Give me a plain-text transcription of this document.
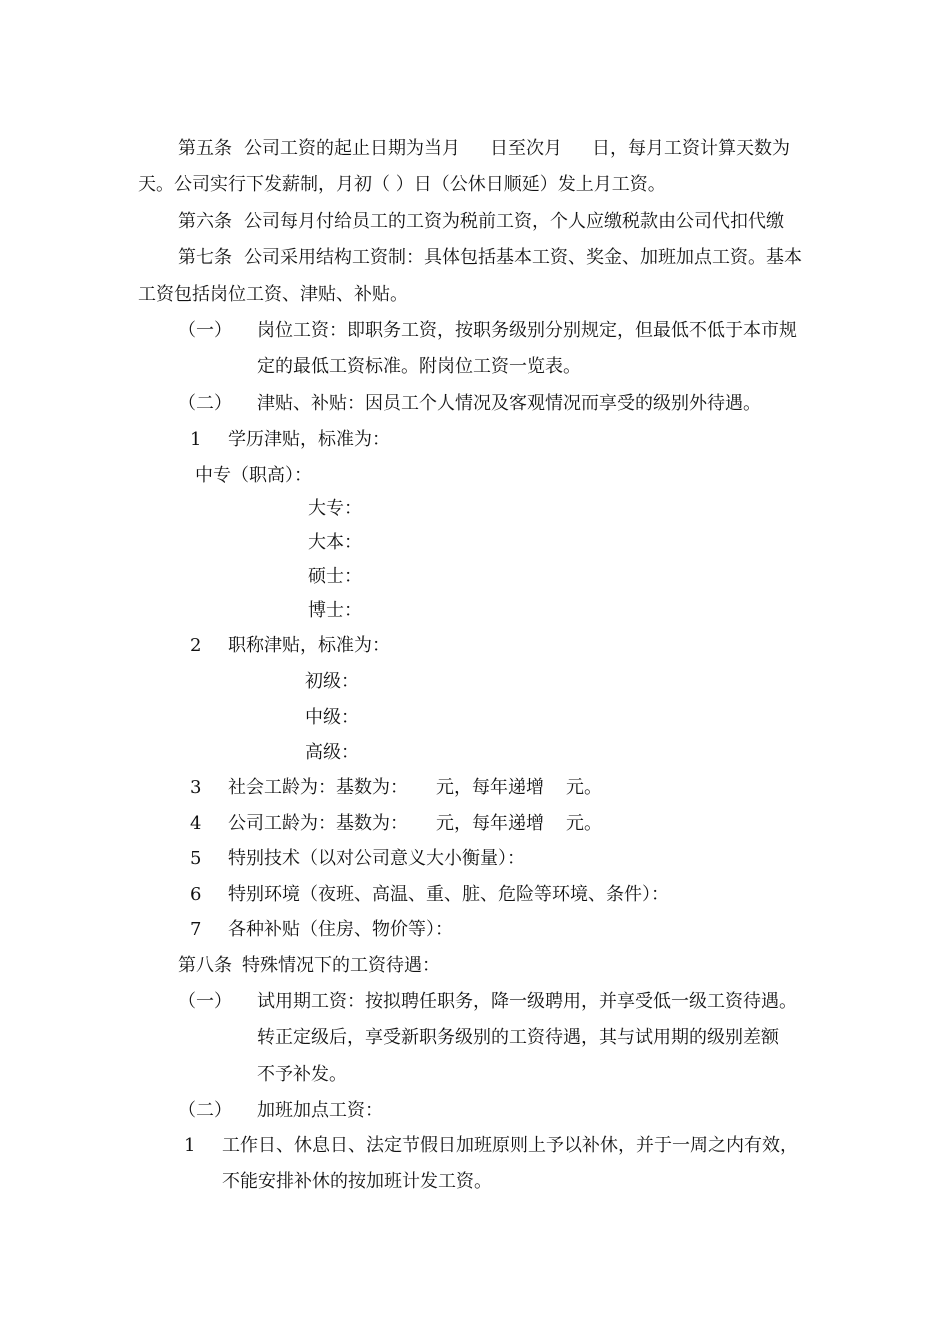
第五条 公司工资的起止日期为当月 日至次月 日，每月工资计算天数为
天。公司实行下发薪制，月初（ ）日（公休日顺延）发上月工资。
第六条 公司每月付给员工的工资为税前工资，个人应缴税款由公司代扣代缴
第七条 公司采用结构工资制：具体包括基本工资、奖金、加班加点工资。基本
工资包括岗位工资、津贴、补贴。
（一） 岗位工资：即职务工资，按职务级别分别规定，但最低不低于本市规
定的最低工资标准。附岗位工资一览表。
（二） 津贴、补贴：因员工个人情况及客观情况而享受的级别外待遇。
1 学历津贴，标准为：
中专（职高）：
大专：
大本：
硕士：
博士：
2 职称津贴，标准为：
初级：
中级：
高级：
3 社会工龄为：基数为： 元，每年递增 元。
4 公司工龄为：基数为： 元，每年递增 元。
5 特别技术（以对公司意义大小衡量）：
6 特别环境（夜班、高温、重、脏、危险等环境、条件）：
7 各种补贴（住房、物价等）：
第八条 特殊情况下的工资待遇：
（一） 试用期工资：按拟聘任职务，降一级聘用，并享受低一级工资待遇。
转正定级后，享受新职务级别的工资待遇，其与试用期的级别差额
不予补发。
（二） 加班加点工资：
1 工作日、休息日、法定节假日加班原则上予以补休，并于一周之内有效，
不能安排补休的按加班计发工资。
